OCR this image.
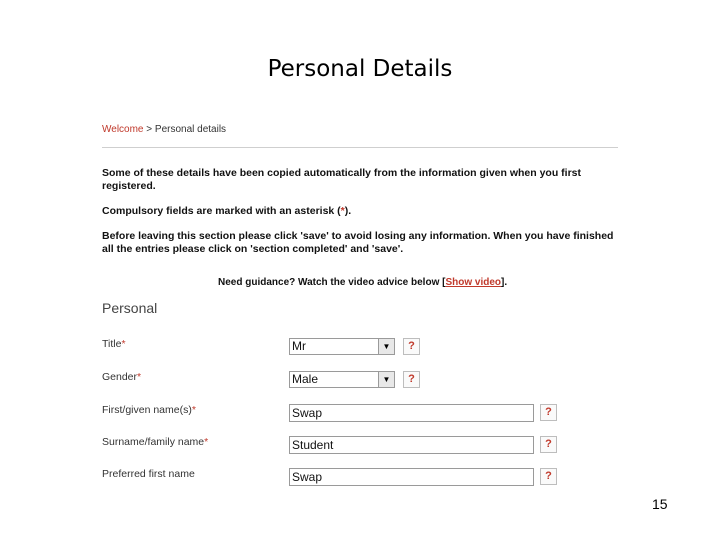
Personal Details
Welcome > Personal details
Some of these details have been copied automatically from the information given when you first registered.
Compulsory fields are marked with an asterisk (*).
Before leaving this section please click 'save' to avoid losing any information. When you have finished all the entries please click on 'section completed' and 'save'.
Need guidance? Watch the video advice below [Show video].
Personal
Title*	Mr	▼	?
Gender*	Male	▼	?
First/given name(s)*	Swap	?
Surname/family name*	Student	?
Preferred first name	Swap	?
15
